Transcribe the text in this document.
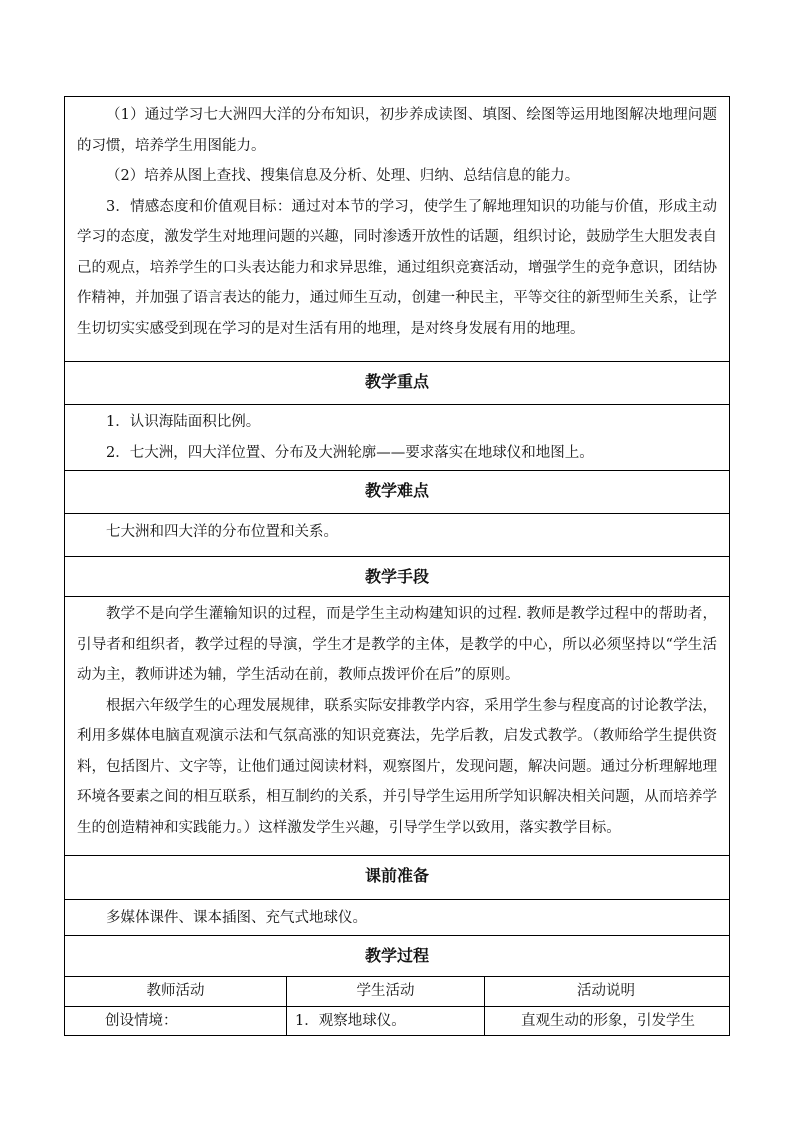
（1）通过学习七大洲四大洋的分布知识，初步养成读图、填图、绘图等运用地图解决地理问题的习惯，培养学生用图能力。

（2）培养从图上查找、搜集信息及分析、处理、归纳、总结信息的能力。

3．情感态度和价值观目标：通过对本节的学习，使学生了解地理知识的功能与价值，形成主动学习的态度，激发学生对地理问题的兴趣，同时渗透开放性的话题，组织讨论，鼓励学生大胆发表自己的观点，培养学生的口头表达能力和求异思维，通过组织竞赛活动，增强学生的竞争意识，团结协作精神，并加强了语言表达的能力，通过师生互动，创建一种民主，平等交往的新型师生关系，让学生切切实实感受到现在学习的是对生活有用的地理，是对终身发展有用的地理。

教学重点

1．认识海陆面积比例。

2．七大洲，四大洋位置、分布及大洲轮廓——要求落实在地球仪和地图上。

教学难点

七大洲和四大洋的分布位置和关系。

教学手段

教学不是向学生灌输知识的过程，而是学生主动构建知识的过程. 教师是教学过程中的帮助者，引导者和组织者，教学过程的导演，学生才是教学的主体，是教学的中心，所以必须坚持以“学生活动为主，教师讲述为辅，学生活动在前，教师点拨评价在后”的原则。

根据六年级学生的心理发展规律，联系实际安排教学内容，采用学生参与程度高的讨论教学法，利用多媒体电脑直观演示法和气氛高涨的知识竞赛法，先学后教，启发式教学。（教师给学生提供资料，包括图片、文字等，让他们通过阅读材料，观察图片，发现问题，解决问题。通过分析理解地理环境各要素之间的相互联系，相互制约的关系，并引导学生运用所学知识解决相关问题，从而培养学生的创造精神和实践能力。）这样激发学生兴趣，引导学生学以致用，落实教学目标。

课前准备

多媒体课件、课本插图、充气式地球仪。

教学过程
教师活动	学生活动	活动说明
创设情境：	1．观察地球仪。	直观生动的形象，引发学生
